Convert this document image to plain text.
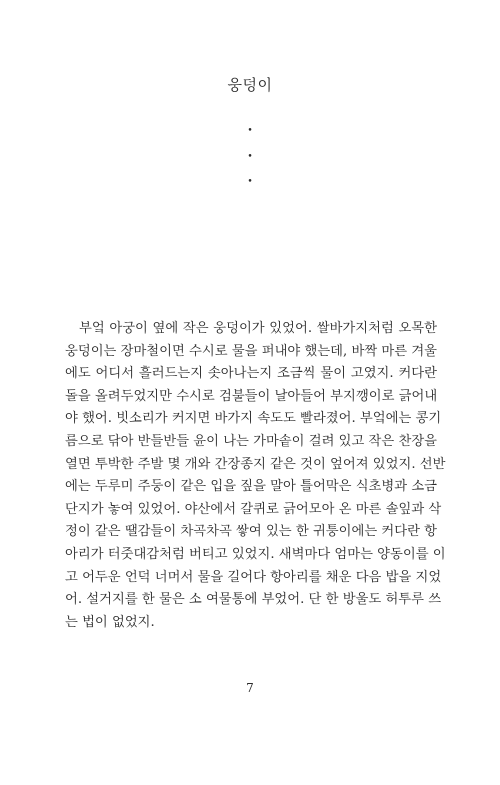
웅덩이
•
•
•
부엌 아궁이 옆에 작은 웅덩이가 있었어. 쌀바가지처럼 오목한
웅덩이는 장마철이면 수시로 물을 퍼내야 했는데, 바짝 마른 겨울
에도 어디서 흘러드는지 솟아나는지 조금씩 물이 고였지. 커다란
돌을 올려두었지만 수시로 검불들이 날아들어 부지깽이로 긁어내
야 했어. 빗소리가 커지면 바가지 속도도 빨라졌어. 부엌에는 콩기
름으로 닦아 반들반들 윤이 나는 가마솥이 걸려 있고 작은 찬장을
열면 투박한 주발 몇 개와 간장종지 같은 것이 엎어져 있었지. 선반
에는 두루미 주둥이 같은 입을 짚을 말아 틀어막은 식초병과 소금
단지가 놓여 있었어. 야산에서 갈퀴로 긁어모아 온 마른 솔잎과 삭
정이 같은 땔감들이 차곡차곡 쌓여 있는 한 귀퉁이에는 커다란 항
아리가 터줏대감처럼 버티고 있었지. 새벽마다 엄마는 양동이를 이
고 어두운 언덕 너머서 물을 길어다 항아리를 채운 다음 밥을 지었
어. 설거지를 한 물은 소 여물통에 부었어. 단 한 방울도 허투루 쓰
는 법이 없었지.
7
